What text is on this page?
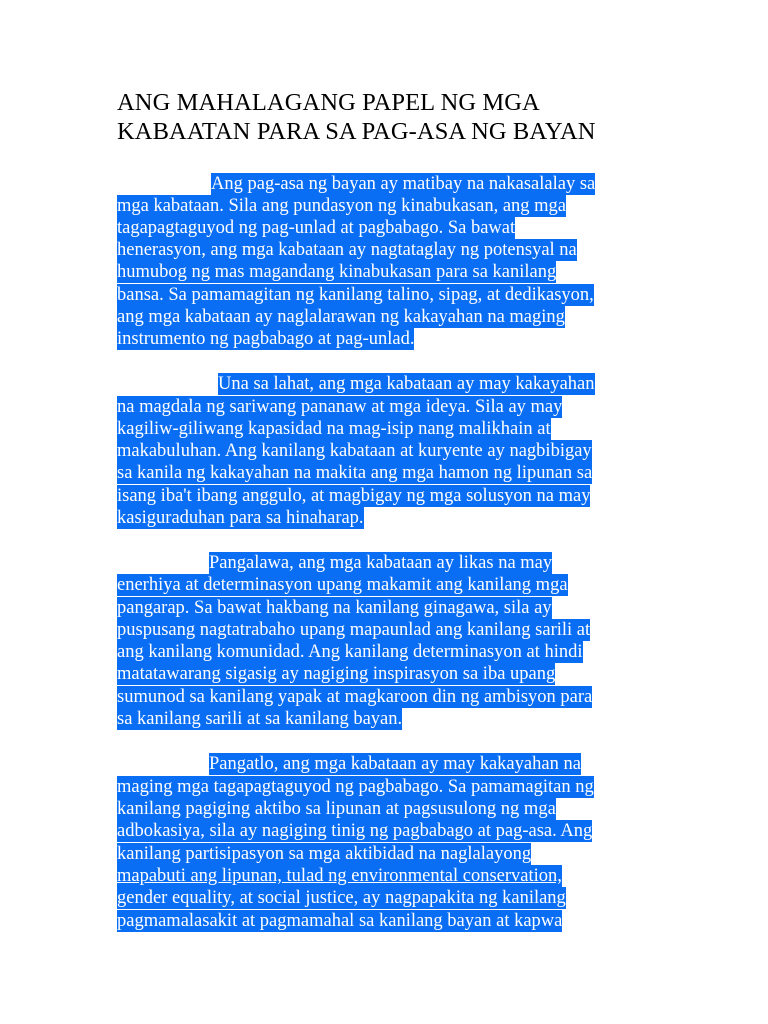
ANG MAHALAGANG PAPEL NG MGA
KABAATAN PARA SA PAG-ASA NG BAYAN
Ang pag-asa ng bayan ay matibay na nakasalalay sa
mga kabataan. Sila ang pundasyon ng kinabukasan, ang mga
tagapagtaguyod ng pag-unlad at pagbabago. Sa bawat
henerasyon, ang mga kabataan ay nagtataglay ng potensyal na
humubog ng mas magandang kinabukasan para sa kanilang
bansa. Sa pamamagitan ng kanilang talino, sipag, at dedikasyon,
ang mga kabataan ay naglalarawan ng kakayahan na maging
instrumento ng pagbabago at pag-unlad.
Una sa lahat, ang mga kabataan ay may kakayahan
na magdala ng sariwang pananaw at mga ideya. Sila ay may
kagiliw-giliwang kapasidad na mag-isip nang malikhain at
makabuluhan. Ang kanilang kabataan at kuryente ay nagbibigay
sa kanila ng kakayahan na makita ang mga hamon ng lipunan sa
isang iba't ibang anggulo, at magbigay ng mga solusyon na may
kasiguraduhan para sa hinaharap.
Pangalawa, ang mga kabataan ay likas na may
enerhiya at determinasyon upang makamit ang kanilang mga
pangarap. Sa bawat hakbang na kanilang ginagawa, sila ay
puspusang nagtatrabaho upang mapaunlad ang kanilang sarili at
ang kanilang komunidad. Ang kanilang determinasyon at hindi
matatawarang sigasig ay nagiging inspirasyon sa iba upang
sumunod sa kanilang yapak at magkaroon din ng ambisyon para
sa kanilang sarili at sa kanilang bayan.
Pangatlo, ang mga kabataan ay may kakayahan na
maging mga tagapagtaguyod ng pagbabago. Sa pamamagitan ng
kanilang pagiging aktibo sa lipunan at pagsusulong ng mga
adbokasiya, sila ay nagiging tinig ng pagbabago at pag-asa. Ang
kanilang partisipasyon sa mga aktibidad na naglalayong
mapabuti ang lipunan, tulad ng environmental conservation,
gender equality, at social justice, ay nagpapakita ng kanilang
pagmamalasakit at pagmamahal sa kanilang bayan at kapwa
